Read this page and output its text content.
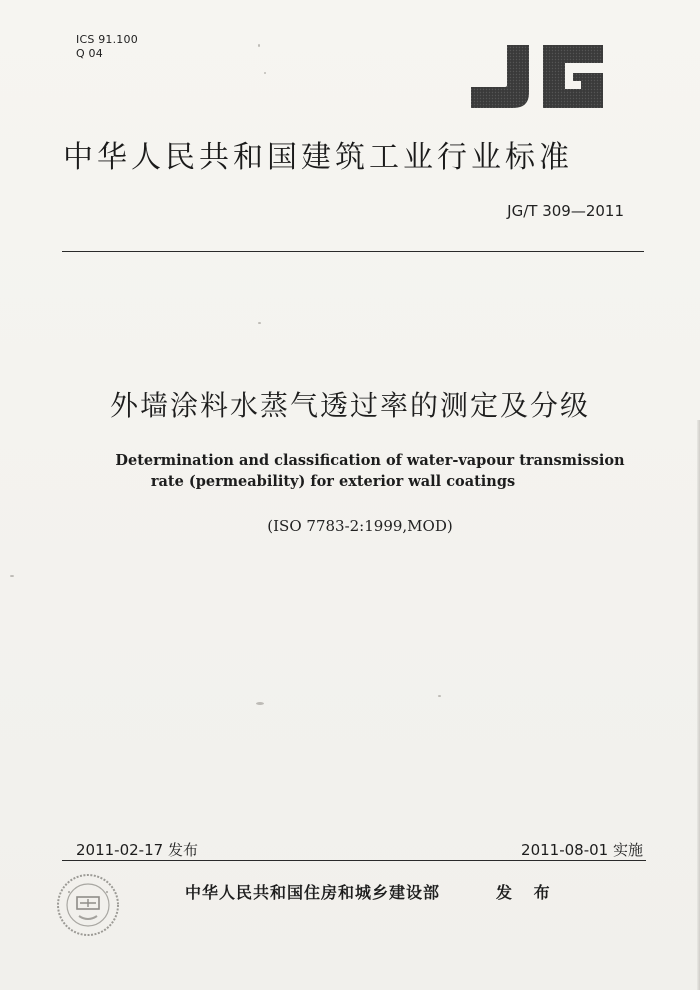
ICS 91.100
Q 04
JG
中华人民共和国建筑工业行业标准
JG/T 309—2011
外墙涂料水蒸气透过率的测定及分级
Determination and classification of water-vapour transmission
rate (permeability) for exterior wall coatings
(ISO 7783-2:1999,MOD)
2011-02-17 发布	2011-08-01 实施
中华人民共和国住房和城乡建设部	发 布
